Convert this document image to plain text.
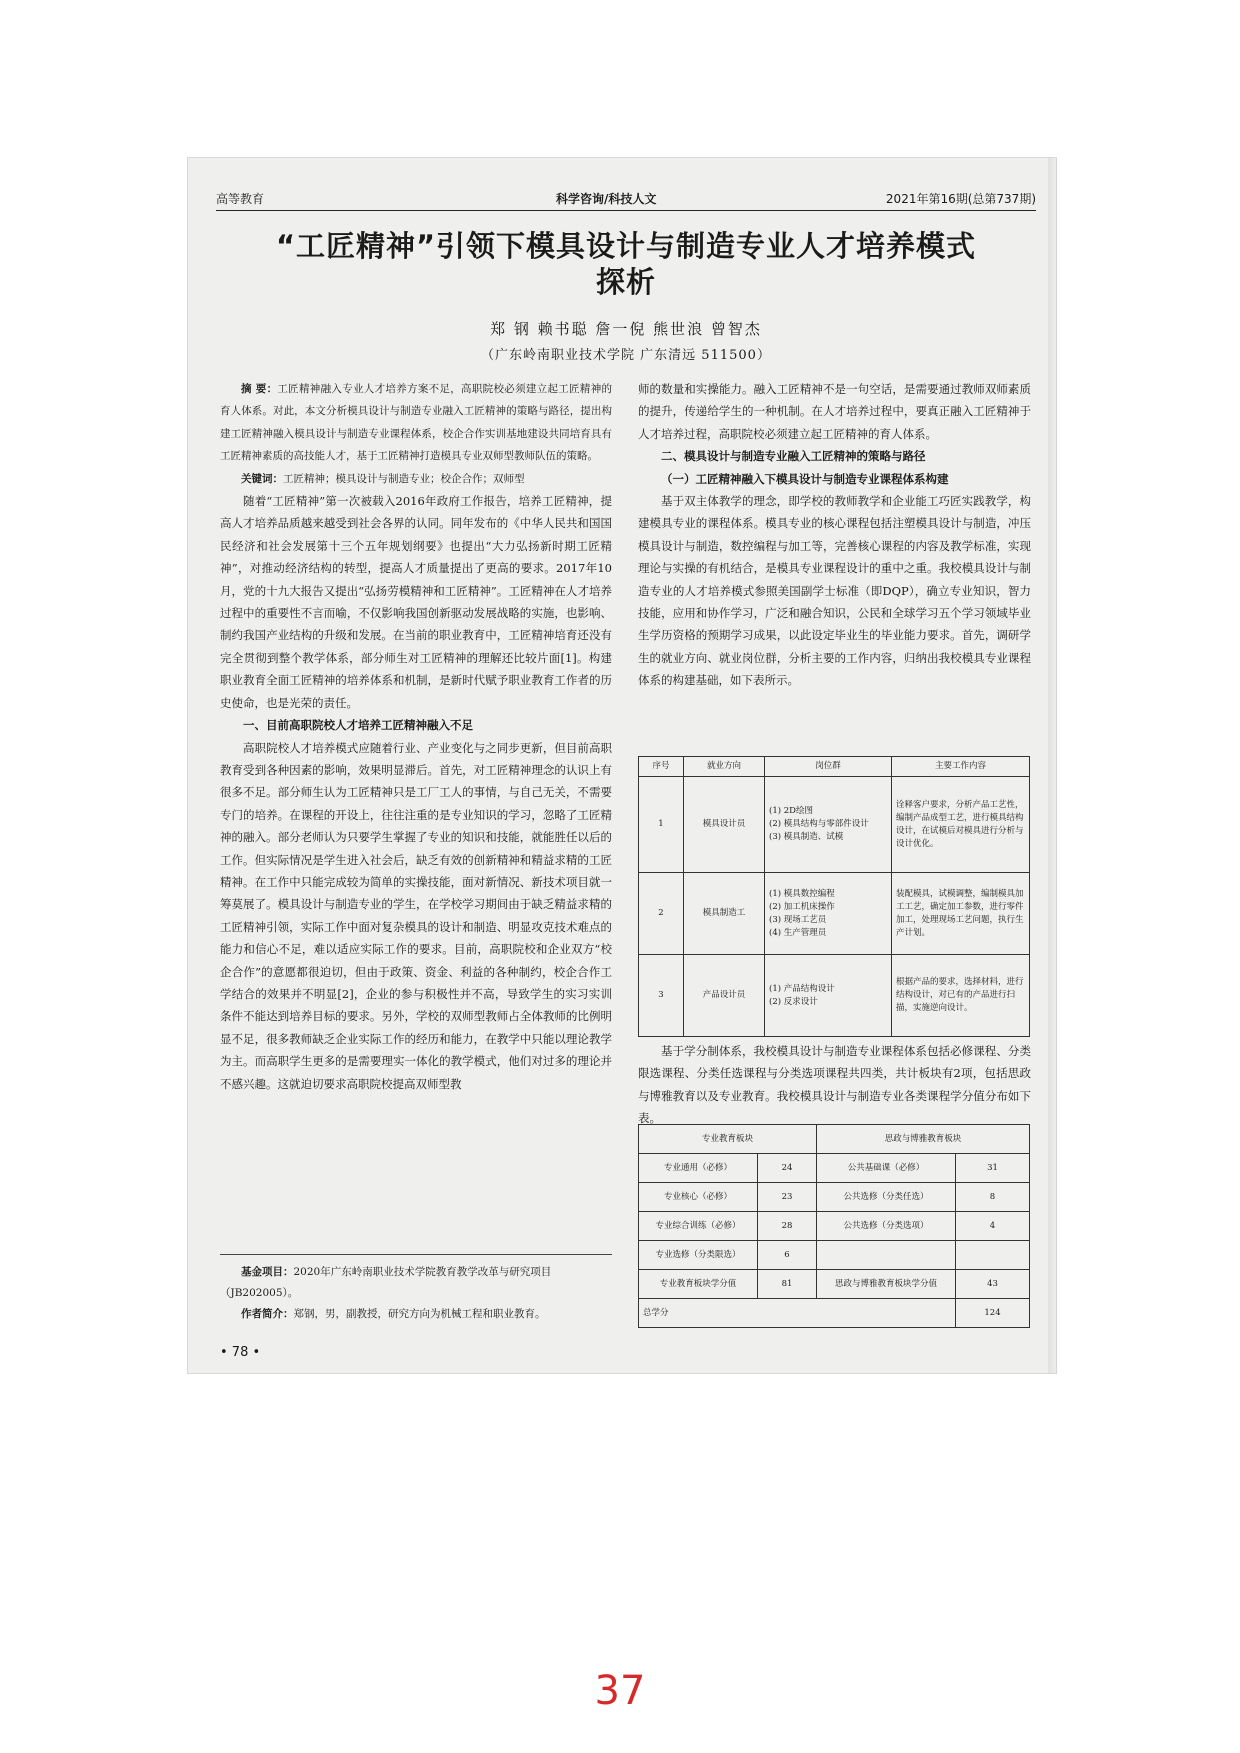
高等教育	科学咨询/科技人文	2021年第16期(总第737期)
“工匠精神”引领下模具设计与制造专业人才培养模式
探析
郑 钢 赖书聪 詹一倪 熊世浪 曾智杰
（广东岭南职业技术学院 广东清远 511500）

摘 要：工匠精神融入专业人才培养方案不足，高职院校必须建立起工匠精神的育人体系。对此，本文分析模具设计与制造专业融入工匠精神的策略与路径，提出构建工匠精神融入模具设计与制造专业课程体系，校企合作实训基地建设共同培育具有工匠精神素质的高技能人才，基于工匠精神打造模具专业双师型教师队伍的策略。

关键词：工匠精神；模具设计与制造专业；校企合作；双师型

随着“工匠精神”第一次被载入2016年政府工作报告，培养工匠精神，提高人才培养品质越来越受到社会各界的认同。同年发布的《中华人民共和国国民经济和社会发展第十三个五年规划纲要》也提出“大力弘扬新时期工匠精神”，对推动经济结构的转型，提高人才质量提出了更高的要求。2017年10月，党的十九大报告又提出“弘扬劳模精神和工匠精神”。工匠精神在人才培养过程中的重要性不言而喻，不仅影响我国创新驱动发展战略的实施，也影响、制约我国产业结构的升级和发展。在当前的职业教育中，工匠精神培育还没有完全贯彻到整个教学体系，部分师生对工匠精神的理解还比较片面[1]。构建职业教育全面工匠精神的培养体系和机制，是新时代赋予职业教育工作者的历史使命，也是光荣的责任。

一、目前高职院校人才培养工匠精神融入不足

高职院校人才培养模式应随着行业、产业变化与之同步更新，但目前高职教育受到各种因素的影响，效果明显滞后。首先，对工匠精神理念的认识上有很多不足。部分师生认为工匠精神只是工厂工人的事情，与自己无关，不需要专门的培养。在课程的开设上，往往注重的是专业知识的学习，忽略了工匠精神的融入。部分老师认为只要学生掌握了专业的知识和技能，就能胜任以后的工作。但实际情况是学生进入社会后，缺乏有效的创新精神和精益求精的工匠精神。在工作中只能完成较为简单的实操技能，面对新情况、新技术项目就一筹莫展了。模具设计与制造专业的学生，在学校学习期间由于缺乏精益求精的工匠精神引领，实际工作中面对复杂模具的设计和制造、明显攻克技术难点的能力和信心不足，难以适应实际工作的要求。目前，高职院校和企业双方“校企合作”的意愿都很迫切，但由于政策、资金、利益的各种制约，校企合作工学结合的效果并不明显[2]，企业的参与积极性并不高，导致学生的实习实训条件不能达到培养目标的要求。另外，学校的双师型教师占全体教师的比例明显不足，很多教师缺乏企业实际工作的经历和能力，在教学中只能以理论教学为主。而高职学生更多的是需要理实一体化的教学模式，他们对过多的理论并不感兴趣。这就迫切要求高职院校提高双师型教

基金项目：2020年广东岭南职业技术学院教育教学改革与研究项目（JB202005）。

作者简介：郑钢，男，副教授，研究方向为机械工程和职业教育。

• 78 •

师的数量和实操能力。融入工匠精神不是一句空话，是需要通过教师双师素质的提升，传递给学生的一种机制。在人才培养过程中，要真正融入工匠精神于人才培养过程，高职院校必须建立起工匠精神的育人体系。

二、模具设计与制造专业融入工匠精神的策略与路径

（一）工匠精神融入下模具设计与制造专业课程体系构建

基于双主体教学的理念，即学校的教师教学和企业能工巧匠实践教学，构建模具专业的课程体系。模具专业的核心课程包括注塑模具设计与制造，冲压模具设计与制造，数控编程与加工等，完善核心课程的内容及教学标准，实现理论与实操的有机结合，是模具专业课程设计的重中之重。我校模具设计与制造专业的人才培养模式参照美国副学士标准（即DQP），确立专业知识，智力技能，应用和协作学习，广泛和融合知识，公民和全球学习五个学习领域毕业生学历资格的预期学习成果，以此设定毕业生的毕业能力要求。首先，调研学生的就业方向、就业岗位群，分析主要的工作内容，归纳出我校模具专业课程体系的构建基础，如下表所示。

序号	就业方向	岗位群	主要工作内容
1	模具设计员	(1) 2D绘图
(2) 模具结构与零部件设计
(3) 模具制造、试模	诠释客户要求，分析产品工艺性，编制产品成型工艺，进行模具结构设计，在试模后对模具进行分析与设计优化。
2	模具制造工	(1) 模具数控编程
(2) 加工机床操作
(3) 现场工艺员
(4) 生产管理员	装配模具，试模调整，编制模具加工工艺，确定加工参数，进行零件加工，处理现场工艺问题，执行生产计划。
3	产品设计员	(1) 产品结构设计
(2) 反求设计	根据产品的要求，选择材料，进行结构设计，对已有的产品进行扫描，实施逆向设计。

基于学分制体系，我校模具设计与制造专业课程体系包括必修课程、分类限选课程、分类任选课程与分类选项课程共四类，共计板块有2项，包括思政与博雅教育以及专业教育。我校模具设计与制造专业各类课程学分值分布如下表。

专业教育板块		思政与博雅教育板块	
专业通用（必修）	24	公共基础课（必修）	31
专业核心（必修）	23	公共选修（分类任选）	8
专业综合训练（必修）	28	公共选修（分类选项）	4
专业选修（分类限选）	6		
专业教育板块学分值	81	思政与博雅教育板块学分值	43
总学分			124
37
